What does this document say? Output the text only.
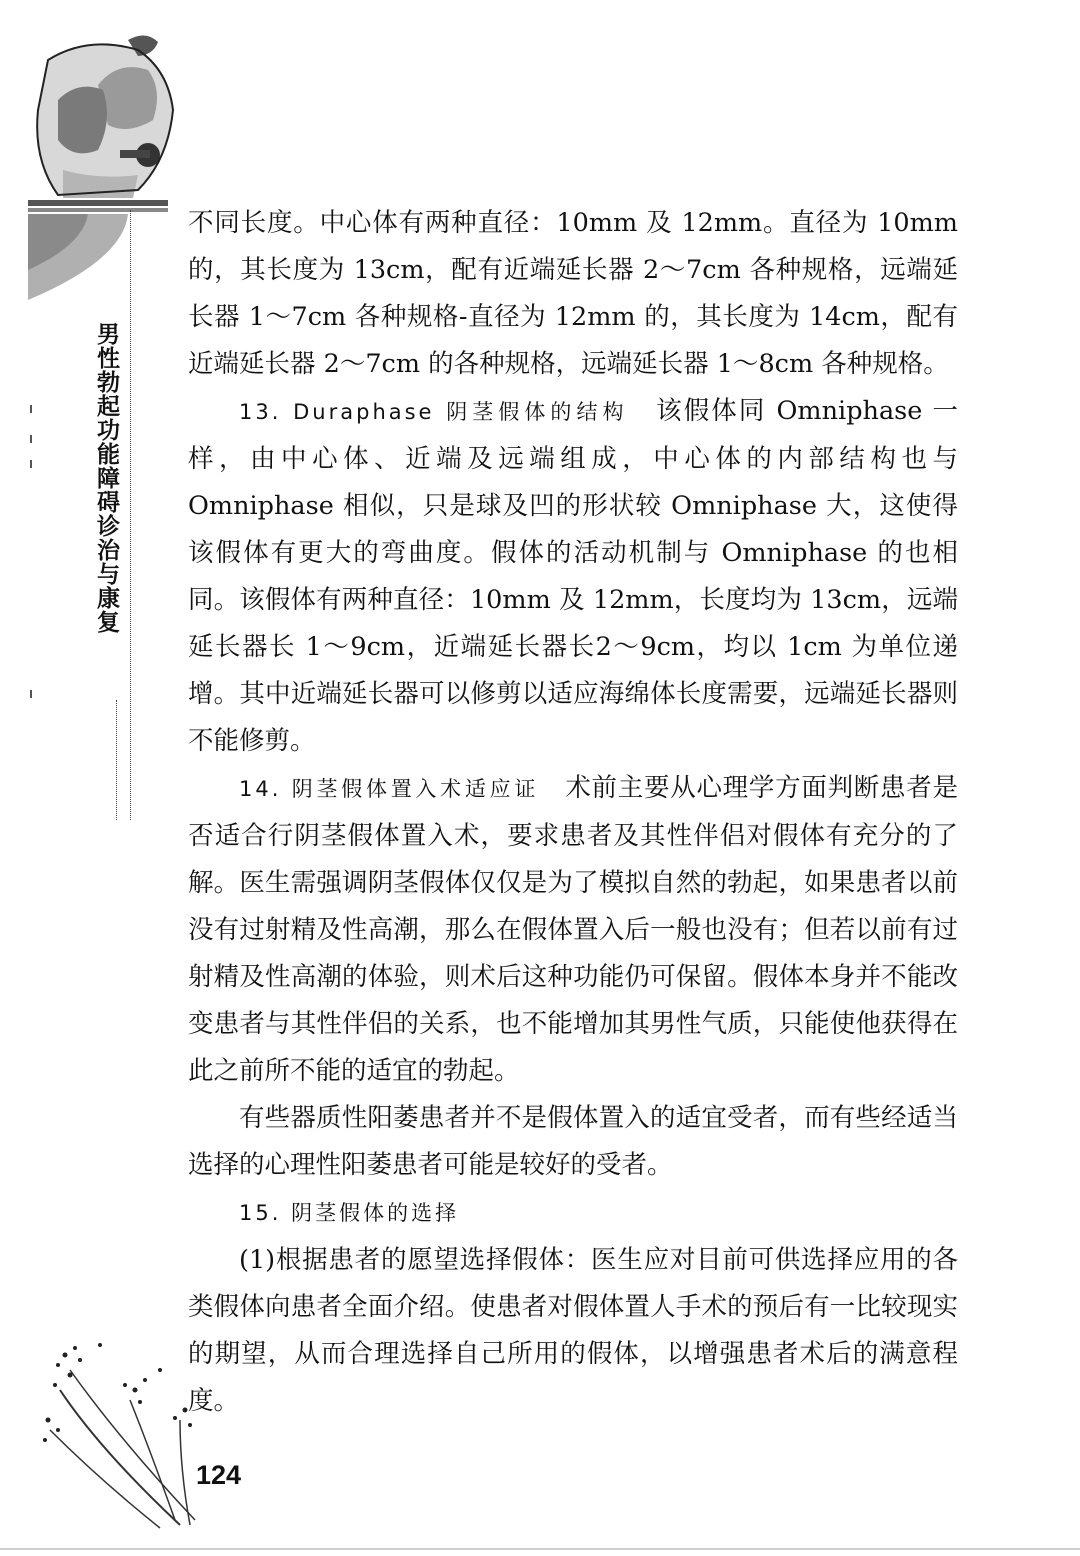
男性勃起功能障碍诊治与康复

不同长度。中心体有两种直径：10mm 及 12mm。直径为 10mm 的，其长度为 13cm，配有近端延长器 2～7cm 各种规格，远端延长器 1～7cm 各种规格-直径为 12mm 的，其长度为 14cm，配有近端延长器 2～7cm 的各种规格，远端延长器 1～8cm 各种规格。

13. Duraphase 阴茎假体的结构　 该假体同 Omniphase 一样，由中心体、近端及远端组成，中心体的内部结构也与 Omniphase 相似，只是球及凹的形状较 Omniphase 大，这使得该假体有更大的弯曲度。假体的活动机制与 Omniphase 的也相同。该假体有两种直径：10mm 及 12mm，长度均为 13cm，远端延长器长 1～9cm，近端延长器长2～9cm，均以 1cm 为单位递增。其中近端延长器可以修剪以适应海绵体长度需要，远端延长器则不能修剪。

14. 阴茎假体置入术适应证　 术前主要从心理学方面判断患者是否适合行阴茎假体置入术，要求患者及其性伴侣对假体有充分的了解。医生需强调阴茎假体仅仅是为了模拟自然的勃起，如果患者以前没有过射精及性高潮，那么在假体置入后一般也没有；但若以前有过射精及性高潮的体验，则术后这种功能仍可保留。假体本身并不能改变患者与其性伴侣的关系，也不能增加其男性气质，只能使他获得在此之前所不能的适宜的勃起。

有些器质性阳萎患者并不是假体置入的适宜受者，而有些经适当选择的心理性阳萎患者可能是较好的受者。

15. 阴茎假体的选择

(1)根据患者的愿望选择假体：医生应对目前可供选择应用的各类假体向患者全面介绍。使患者对假体置人手术的预后有一比较现实的期望，从而合理选择自己所用的假体，以增强患者术后的满意程度。

124
